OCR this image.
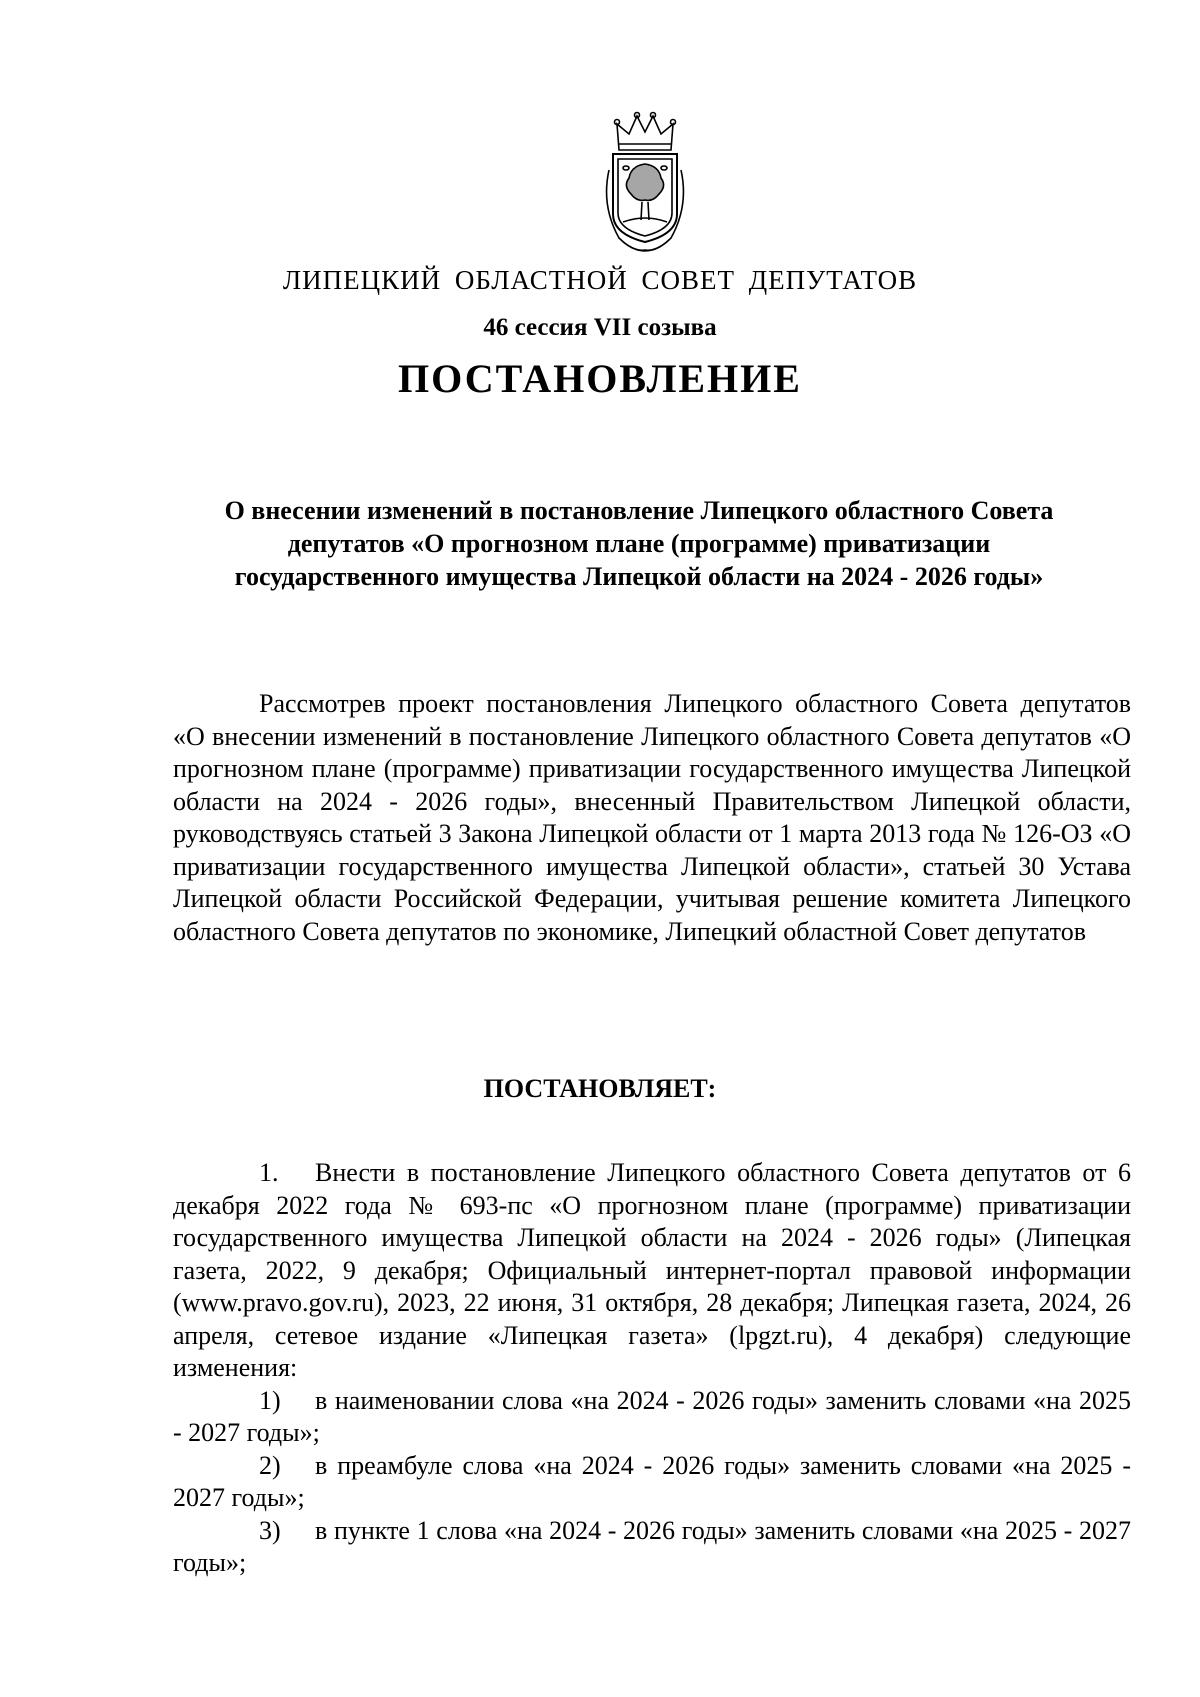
ЛИПЕЦКИЙ ОБЛАСТНОЙ СОВЕТ ДЕПУТАТОВ
46 сессия VII созыва
ПОСТАНОВЛЕНИЕ
О внесении изменений в постановление Липецкого областного Совета
депутатов «О прогнозном плане (программе) приватизации
государственного имущества Липецкой области на 2024 - 2026 годы»

Рассмотрев проект постановления Липецкого областного Совета депутатов «О внесении изменений в постановление Липецкого областного Совета депутатов «О прогнозном плане (программе) приватизации государственного имущества Липецкой области на 2024 - 2026 годы», внесенный Правительством Липецкой области, руководствуясь статьей 3 Закона Липецкой области от 1 марта 2013 года № 126-ОЗ «О приватизации государственного имущества Липецкой области», статьей 30 Устава Липецкой области Российской Федерации, учитывая решение комитета Липецкого областного Совета депутатов по экономике, Липецкий областной Совет депутатов

ПОСТАНОВЛЯЕТ:

1. Внести в постановление Липецкого областного Совета депутатов от 6 декабря 2022 года № 693-пс «О прогнозном плане (программе) приватизации государственного имущества Липецкой области на 2024 - 2026 годы» (Липецкая газета, 2022, 9 декабря; Официальный интернет-портал правовой информации (www.pravo.gov.ru), 2023, 22 июня, 31 октября, 28 декабря; Липецкая газета, 2024, 26 апреля, сетевое издание «Липецкая газета» (lpgzt.ru), 4 декабря) следующие изменения:

1) в наименовании слова «на 2024 - 2026 годы» заменить словами «на 2025 - 2027 годы»;

2) в преамбуле слова «на 2024 - 2026 годы» заменить словами «на 2025 - 2027 годы»;

3) в пункте 1 слова «на 2024 - 2026 годы» заменить словами «на 2025 - 2027 годы»;
